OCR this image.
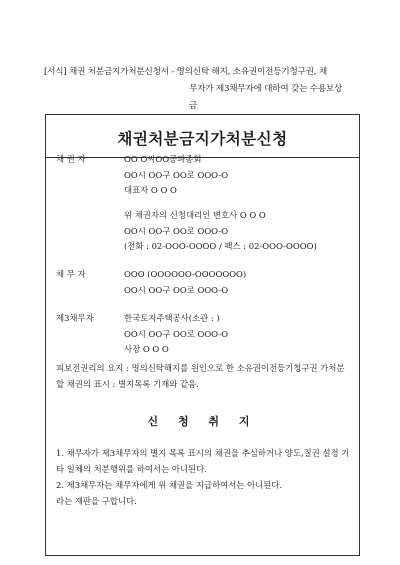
[서식] 채권 처분금지가처분신청서 - 명의신탁 해지, 소유권이전등기청구권, 채
무자가 제3채무자에 대하여 갖는 수용보상
금
채권처분금지가처분신청
채 권 자	OO O씨OO공파종회
OO시 OO구 OO로 OOO-O
대표자 O O O
위 채권자의 신청대리인 변호사 O O O
OO시 OO구 OO로 OOO-O
(전화 : 02-OOO-OOOO / 팩스 : 02-OOO-OOOO)
채 무 자	OOO (OOOOOO-OOOOOOO)
OO시 OO구 OO로 OOO-O
제3채무자	한국토지주택공사(소관 : )
OO시 OO구 OO로 OOO-O
사장 O O O
피보전권리의 요지 : 명의신탁해지를 원인으로 한 소유권이전등기청구권 가처분할 채권의 표시 : 별지목록 기재와 같음.
신 청 취 지
1. 채무자가 제3채무자의 별지 목록 표시의 채권을 추심하거나 양도,질권 설정 기타 일체의 처분행위를 하여서는 아니된다.
2. 제3채무자는 채무자에게 위 채권을 지급하여서는 아니된다.
라는 재판을 구합니다.
